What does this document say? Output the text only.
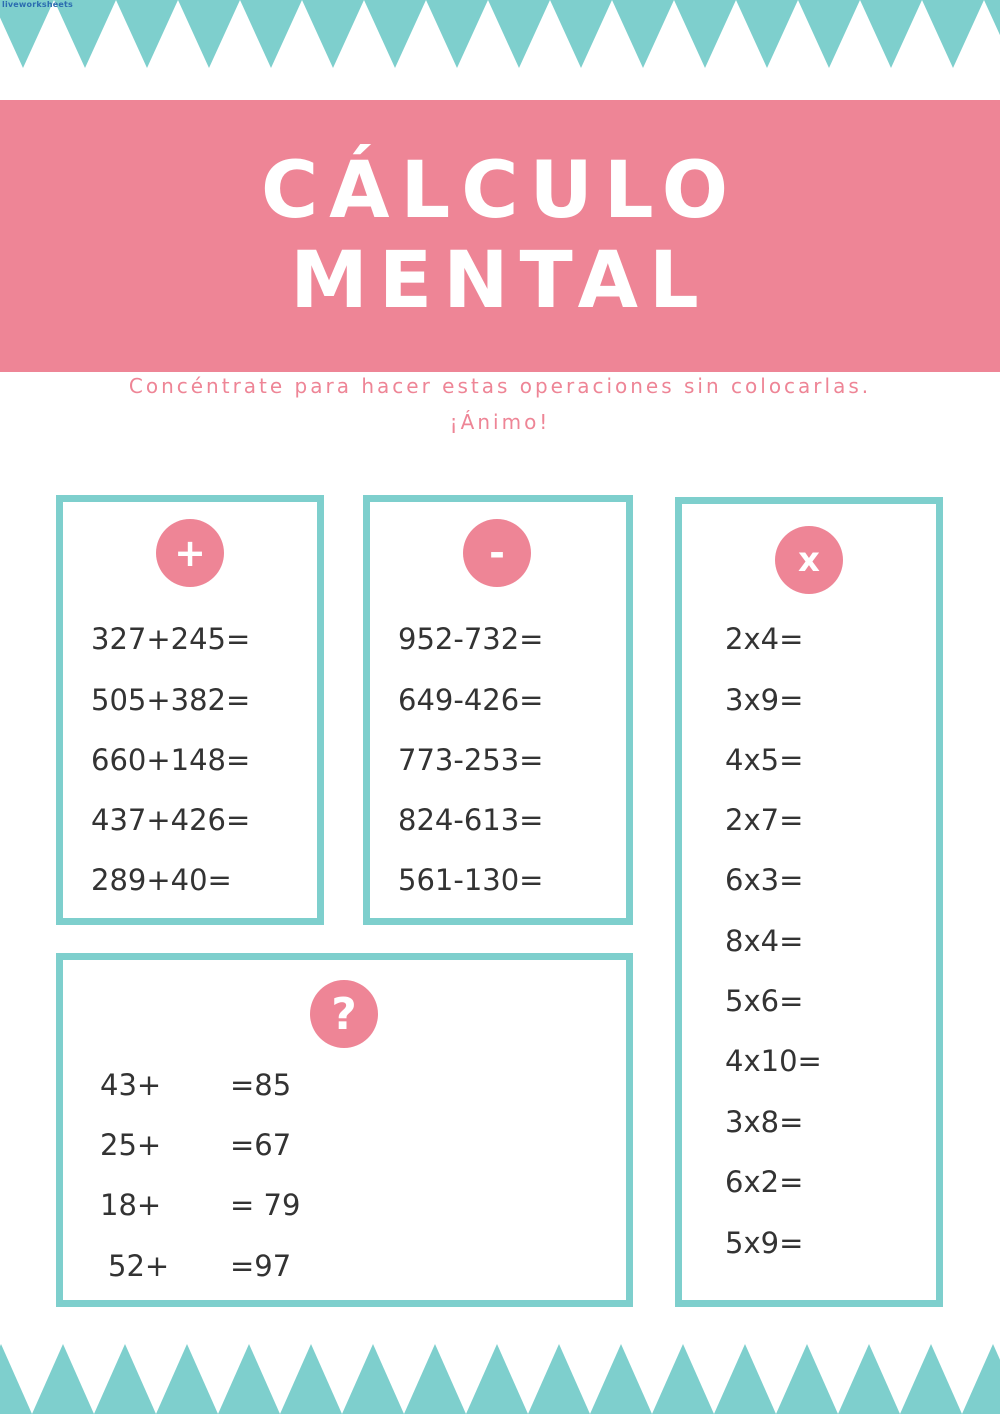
liveworksheets
CÁLCULO
MENTAL
Concéntrate para hacer estas operaciones sin colocarlas.
¡Ánimo!
+	-	x
?
327+245=
505+382=
660+148=
437+426=
289+40=
952-732=
649-426=
773-253=
824-613=
561-130=
2x4=
3x9=
4x5=
2x7=
6x3=
8x4=
5x6=
4x10=
3x8=
6x2=
5x9=
43+ =85
25+ =67
18+ = 79
52+ =97
